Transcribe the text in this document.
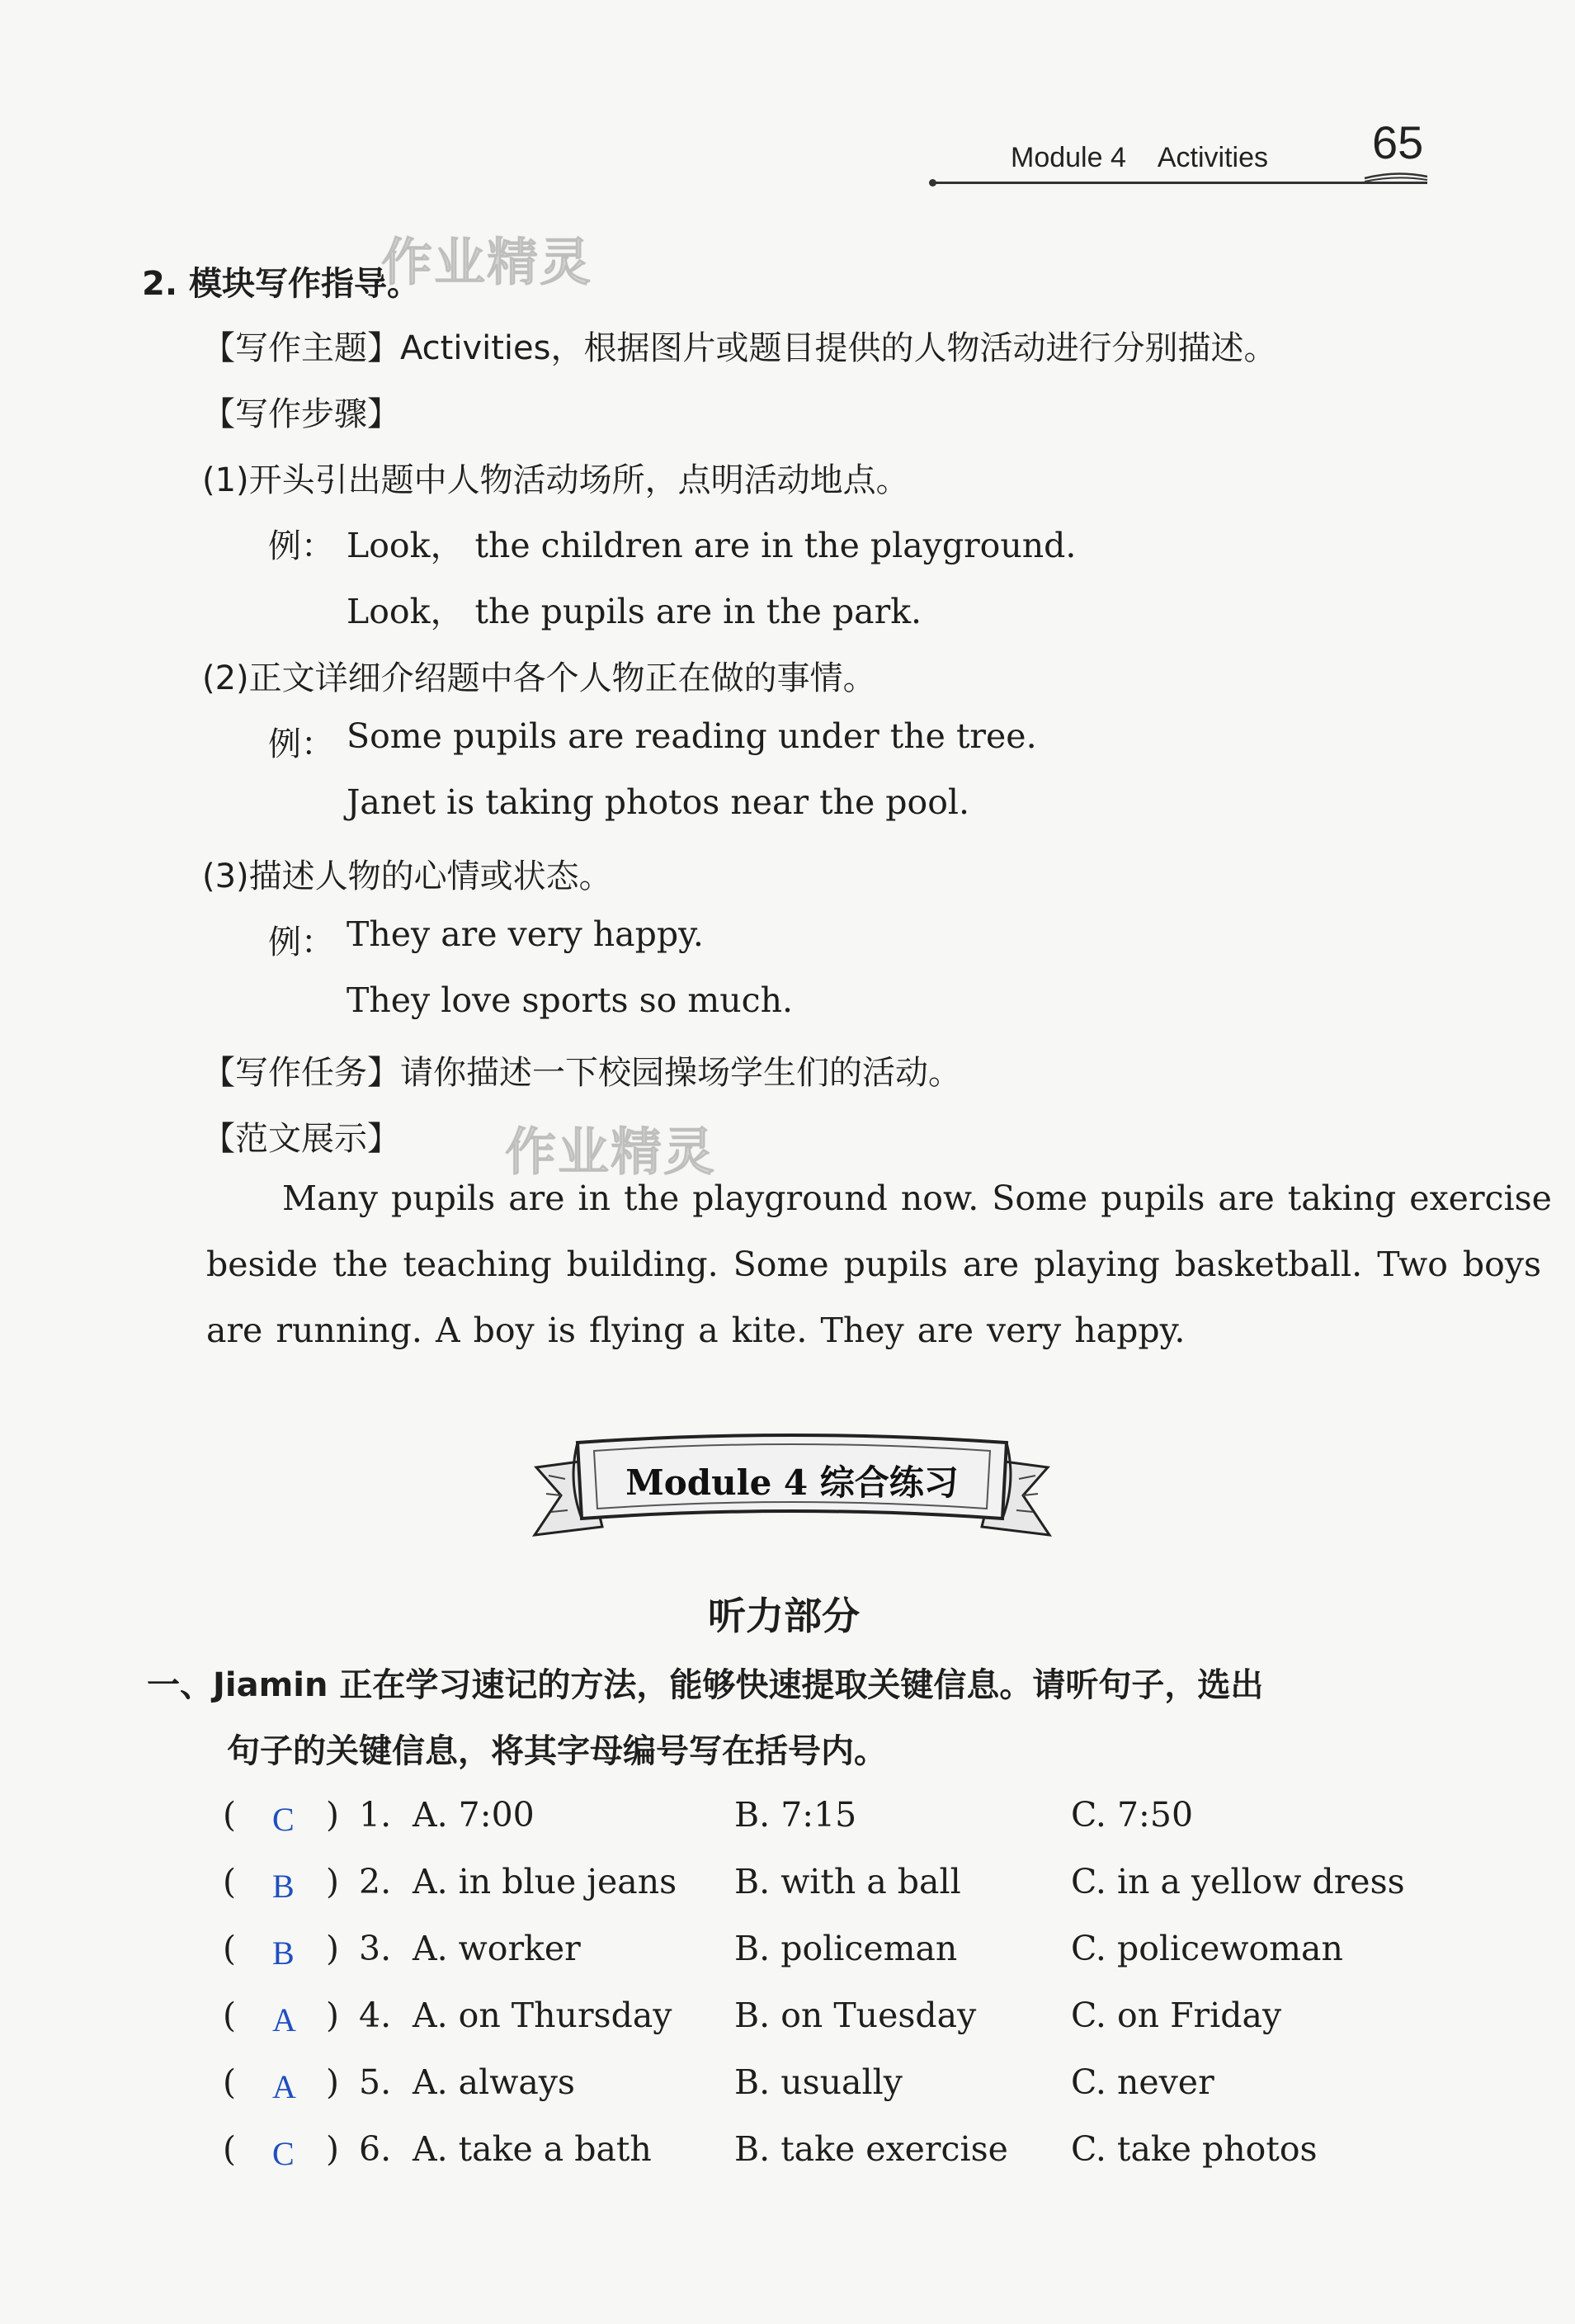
Module 4 Activities 65
作业精灵
作业精灵
2. 模块写作指导。
【写作主题】Activities，根据图片或题目提供的人物活动进行分别描述。
【写作步骤】
(1)开头引出题中人物活动场所，点明活动地点。
例： Look， the children are in the playground.
Look， the pupils are in the park.
(2)正文详细介绍题中各个人物正在做的事情。
例： Some pupils are reading under the tree.
Janet is taking photos near the pool.
(3)描述人物的心情或状态。
例： They are very happy.
They love sports so much.
【写作任务】请你描述一下校园操场学生们的活动。
【范文展示】
Many pupils are in the playground now. Some pupils are taking exercise
beside the teaching building. Some pupils are playing basketball. Two boys
are running. A boy is flying a kite. They are very happy.
Module 4 综合练习
听力部分
一、Jiamin 正在学习速记的方法，能够快速提取关键信息。请听句子，选出
句子的关键信息，将其字母编号写在括号内。
( C ) 1. A. 7:00	B. 7:15	C. 7:50
( B ) 2. A. in blue jeans B. with a ball	C. in a yellow dress
( B ) 3. A. worker	B. policeman	C. policewoman
( A ) 4. A. on Thursday B. on Tuesday	C. on Friday
( A ) 5. A. always	B. usually	C. never
( C ) 6. A. take a bath B. take exercise C. take photos
